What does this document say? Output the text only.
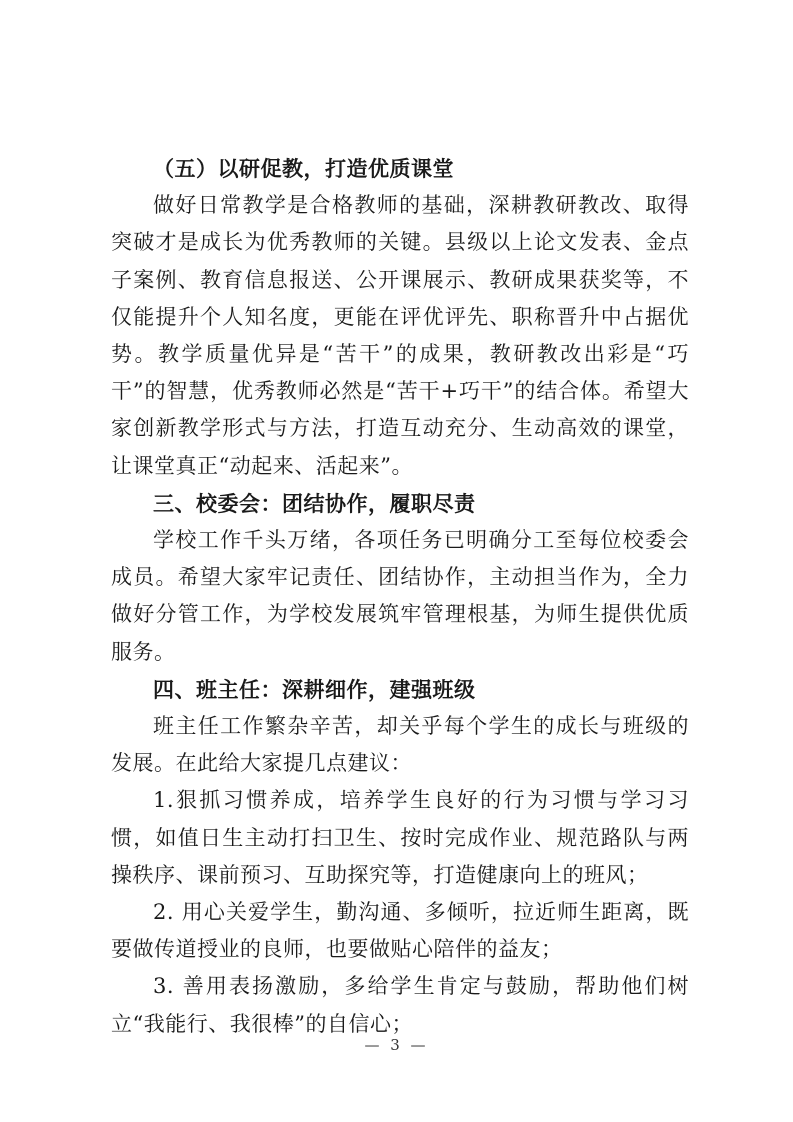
（五）以研促教，打造优质课堂

做好日常教学是合格教师的基础，深耕教研教改、取得突破才是成长为优秀教师的关键。县级以上论文发表、金点子案例、教育信息报送、公开课展示、教研成果获奖等，不仅能提升个人知名度，更能在评优评先、职称晋升中占据优势。教学质量优异是“苦干”的成果，教研教改出彩是“巧干”的智慧，优秀教师必然是“苦干+巧干”的结合体。希望大家创新教学形式与方法，打造互动充分、生动高效的课堂，让课堂真正“动起来、活起来”。

三、校委会：团结协作，履职尽责

学校工作千头万绪，各项任务已明确分工至每位校委会成员。希望大家牢记责任、团结协作，主动担当作为，全力做好分管工作，为学校发展筑牢管理根基，为师生提供优质服务。

四、班主任：深耕细作，建强班级

班主任工作繁杂辛苦，却关乎每个学生的成长与班级的发展。在此给大家提几点建议：

1.狠抓习惯养成，培养学生良好的行为习惯与学习习惯，如值日生主动打扫卫生、按时完成作业、规范路队与两操秩序、课前预习、互助探究等，打造健康向上的班风；

2. 用心关爱学生，勤沟通、多倾听，拉近师生距离，既要做传道授业的良师，也要做贴心陪伴的益友；

3. 善用表扬激励，多给学生肯定与鼓励，帮助他们树立“我能行、我很棒”的自信心；

— 3 —
